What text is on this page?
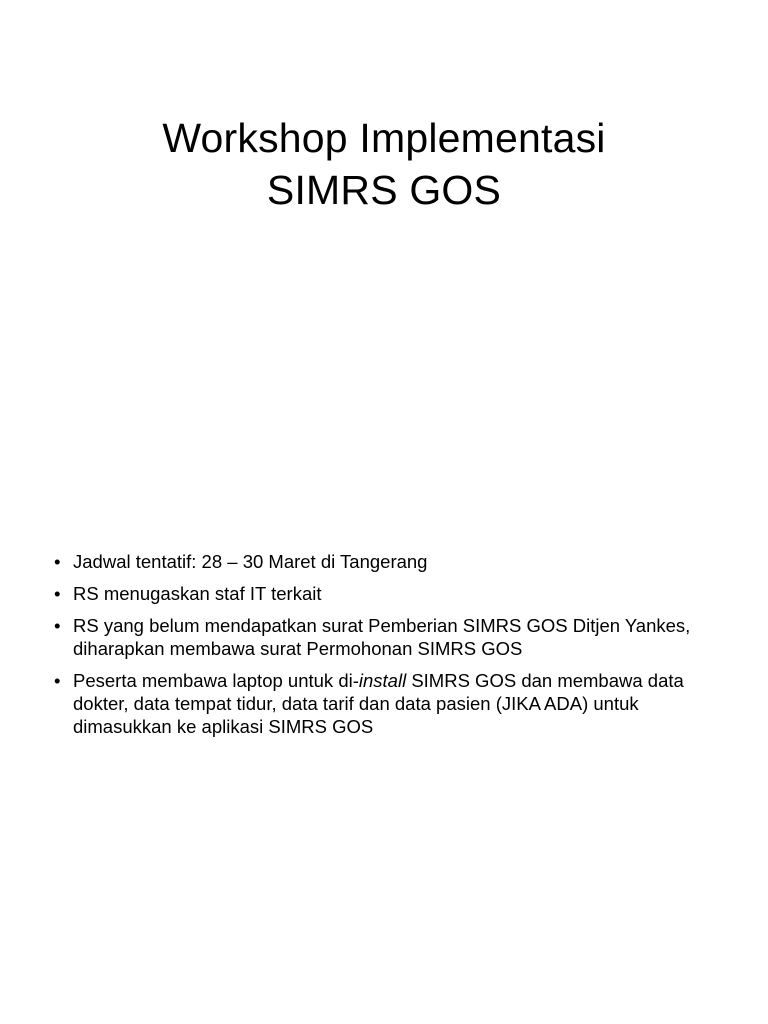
Workshop Implementasi
SIMRS GOS
• Jadwal tentatif: 28 – 30 Maret di Tangerang
• RS menugaskan staf IT terkait
• RS yang belum mendapatkan surat Pemberian SIMRS GOS Ditjen Yankes, diharapkan membawa surat Permohonan SIMRS GOS
• Peserta membawa laptop untuk di-install SIMRS GOS dan membawa data dokter, data tempat tidur, data tarif dan data pasien (JIKA ADA) untuk dimasukkan ke aplikasi SIMRS GOS
